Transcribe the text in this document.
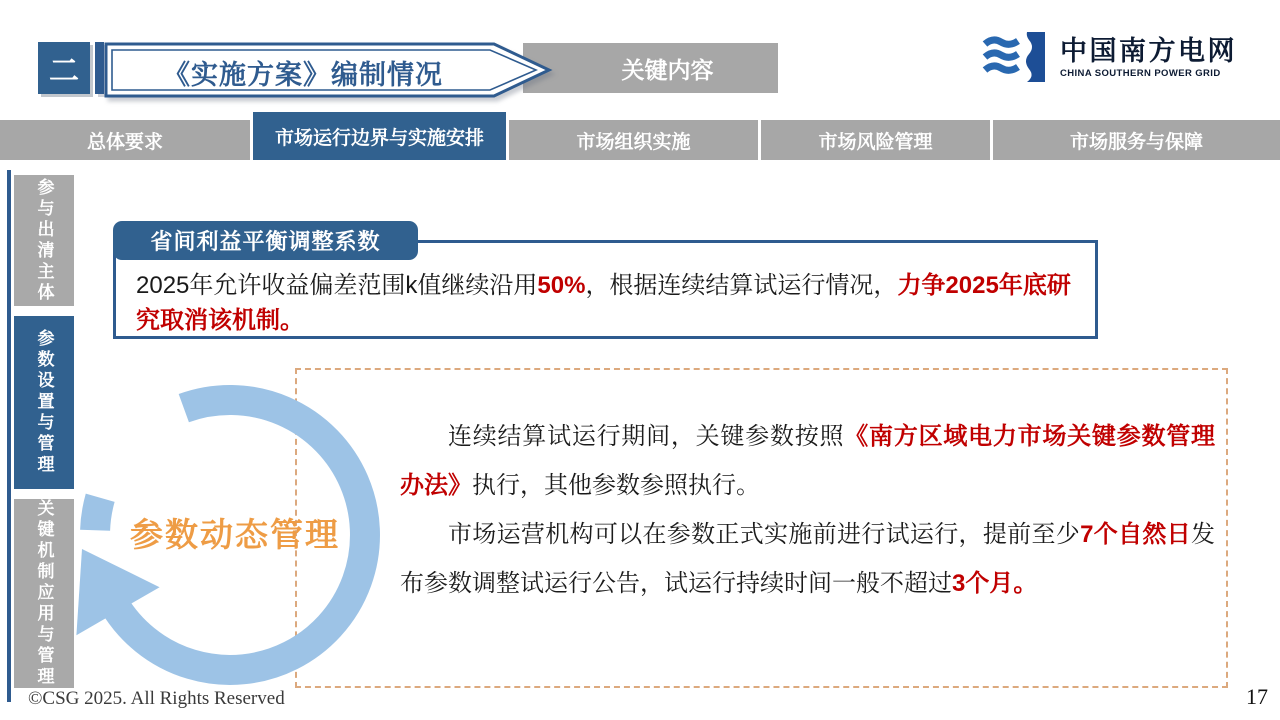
二	关键内容
《实施方案》编制情况
中国南方电网
CHINA SOUTHERN POWER GRID
总体要求	市场运行边界与实施安排	市场组织实施	市场风险管理	市场服务与保障
参与出清主体
参数设置与管理
关键机制应用与管理
省间利益平衡调整系数
2025年允许收益偏差范围k值继续沿用50%，根据连续结算试运行情况，力争2025年底研究取消该机制。
参数动态管理

连续结算试运行期间，关键参数按照《南方区域电力市场关键参数管理办法》执行，其他参数参照执行。

市场运营机构可以在参数正式实施前进行试运行，提前至少7个自然日发布参数调整试运行公告，试运行持续时间一般不超过3个月。

©CSG 2025. All Rights Reserved	17
